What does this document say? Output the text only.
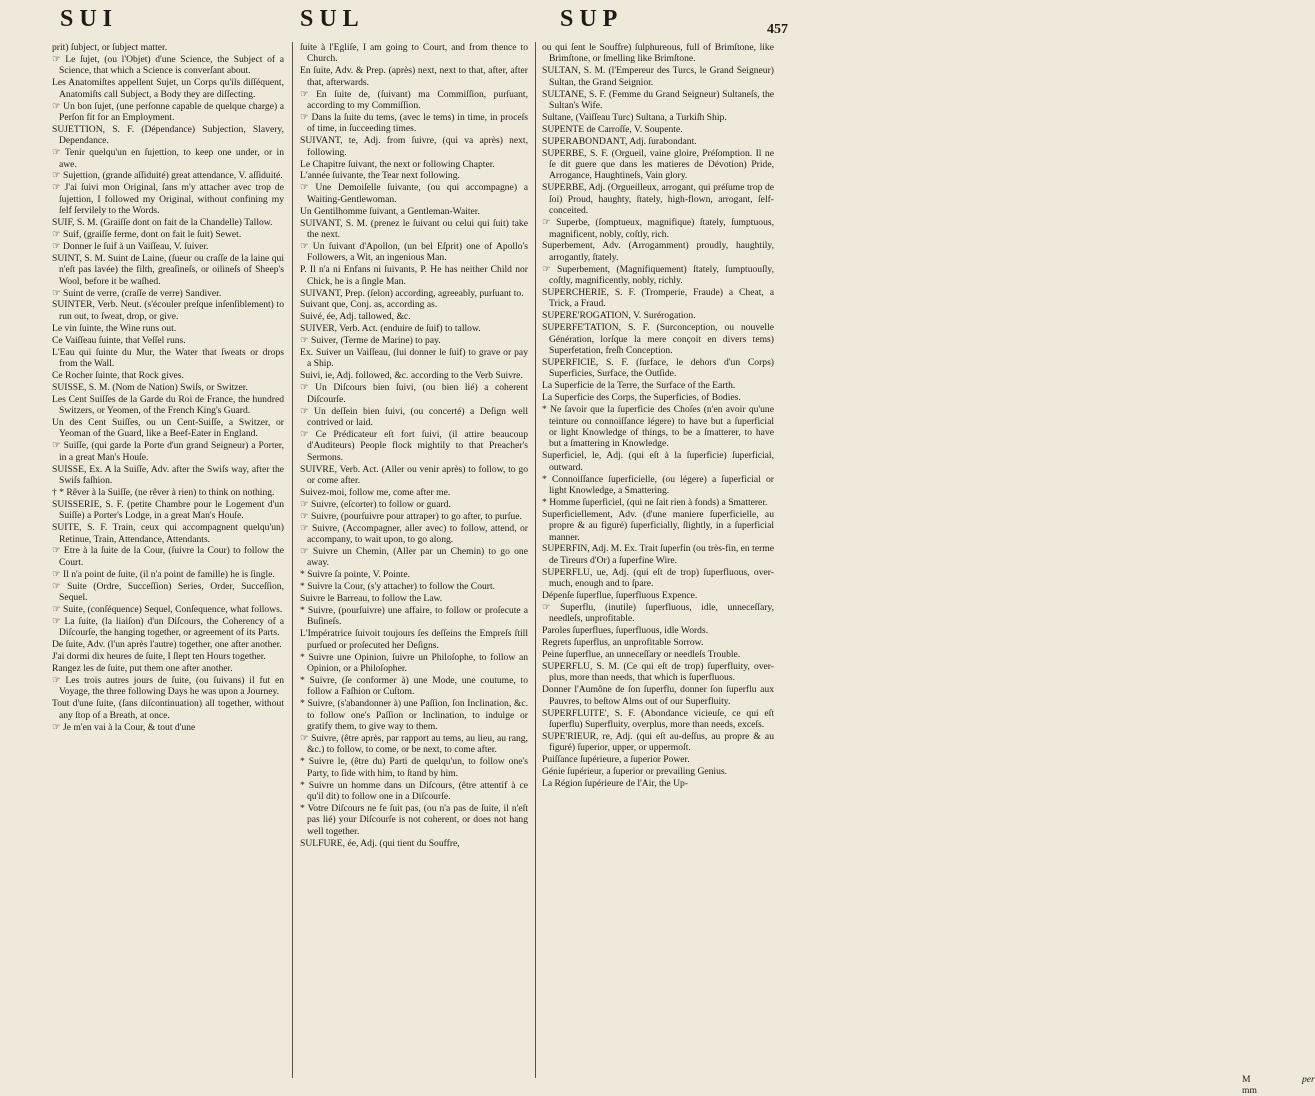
SUI	SUL	SUP	457

prit) ſubject, or ſubject matter.

☞ Le ſujet, (ou l'Objet) d'une Science, the Subject of a Science, that which a Science is converſant about.

Les Anatomiſtes appellent Sujet, un Corps qu'ils diſſéquent, Anatomiſts call Subject, a Body they are diſſecting.

☞ Un bon ſujet, (une perſonne capable de quelque charge) a Perſon fit for an Employment.

SUJETTION, S. F. (Dépendance) Subjection, Slavery, Dependance.

☞ Tenir quelqu'un en ſujettion, to keep one under, or in awe.

☞ Sujettion, (grande aſſiduité) great attendance, V. aſſiduité.

☞ J'ai ſuivi mon Original, ſans m'y attacher avec trop de ſujettion, I followed my Original, without confining my ſelf ſervilely to the Words.

SUIF, S. M. (Graiſſe dont on fait de la Chandelle) Tallow.

☞ Suif, (graiſſe ferme, dont on fait le ſuit) Sewet.

☞ Donner le ſuif à un Vaiſſeau, V. ſuiver.

SUINT, S. M. Suint de Laine, (ſueur ou craſſe de la laine qui n'eſt pas lavée) the filth, greaſineſs, or oilineſs of Sheep's Wool, before it be waſhed.

☞ Suint de verre, (craſſe de verre) Sandiver.

SUINTER, Verb. Neut. (s'écouler preſque inſenſiblement) to run out, to ſweat, drop, or give.

Le vin ſuinte, the Wine runs out.

Ce Vaiſſeau ſuinte, that Veſſel runs.

L'Eau qui ſuinte du Mur, the Water that ſweats or drops from the Wall.

Ce Rocher ſuinte, that Rock gives.

SUISSE, S. M. (Nom de Nation) Swiſs, or Switzer.

Les Cent Suiſſes de la Garde du Roi de France, the hundred Switzers, or Yeomen, of the French King's Guard.

Un des Cent Suiſſes, ou un Cent-Suiſſe, a Switzer, or Yeoman of the Guard, like a Beef-Eater in England.

☞ Suiſſe, (qui garde la Porte d'un grand Seigneur) a Porter, in a great Man's Houſe.

SUISSE, Ex. A la Suiſſe, Adv. after the Swiſs way, after the Swiſs faſhion.

† * Rêver à la Suiſſe, (ne rêver à rien) to think on nothing.

SUISSERIE, S. F. (petite Chambre pour le Logement d'un Suiſſe) a Porter's Lodge, in a great Man's Houſe.

SUITE, S. F. Train, ceux qui accompagnent quelqu'un) Retinue, Train, Attendance, Attendants.

☞ Etre à la ſuite de la Cour, (ſuivre la Cour) to follow the Court.

☞ Il n'a point de ſuite, (il n'a point de famille) he is ſingle.

☞ Suite (Ordre, Succeſſion) Series, Order, Succeſſion, Sequel.

☞ Suite, (conſéquence) Sequel, Conſequence, what follows.

☞ La ſuite, (la liaiſon) d'un Diſcours, the Coherency of a Diſcourſe, the hanging together, or agreement of its Parts.

De ſuite, Adv. (l'un après l'autre) together, one after another.

J'ai dormi dix heures de ſuite, I ſlept ten Hours together.

Rangez les de ſuite, put them one after another.

☞ Les trois autres jours de ſuite, (ou ſuivans) il fut en Voyage, the three following Days he was upon a Journey.

Tout d'une ſuite, (ſans diſcontinuation) all together, without any ſtop of a Breath, at once.

☞ Je m'en vai à la Cour, & tout d'une

ſuite à l'Egliſe, I am going to Court, and from thence to Church.

En ſuite, Adv. & Prep. (après) next, next to that, after, after that, afterwards.

☞ En ſuite de, (ſuivant) ma Commiſſion, purſuant, according to my Commiſſion.

☞ Dans la ſuite du tems, (avec le tems) in time, in proceſs of time, in ſucceeding times.

SUIVANT, te, Adj. from ſuivre, (qui va après) next, following.

Le Chapitre ſuivant, the next or following Chapter.

L'année ſuivante, the Tear next following.

☞ Une Demoiſelle ſuivante, (ou qui accompagne) a Waiting-Gentlewoman.

Un Gentilhomme ſuivant, a Gentleman-Waiter.

SUIVANT, S. M. (prenez le ſuivant ou celui qui ſuit) take the next.

☞ Un ſuivant d'Apollon, (un bel Eſprit) one of Apollo's Followers, a Wit, an ingenious Man.

P. Il n'a ni Enfans ni ſuivants, P. He has neither Child nor Chick, he is a ſingle Man.

SUIVANT, Prep. (ſelon) according, agreeably, purſuant to.

Suivant que, Conj. as, according as.

Suivé, ée, Adj. tallowed, &c.

SUIVER, Verb. Act. (enduire de ſuif) to tallow.

☞ Suiver, (Terme de Marine) to pay.

Ex. Suiver un Vaiſſeau, (lui donner le ſuif) to grave or pay a Ship.

Suivi, ie, Adj. followed, &c. according to the Verb Suivre.

☞ Un Diſcours bien ſuivi, (ou bien lié) a coherent Diſcourſe.

☞ Un deſſein bien ſuivi, (ou concerté) a Deſign well contrived or laid.

☞ Ce Prédicateur eſt fort ſuivi, (il attire beaucoup d'Auditeurs) People flock mightily to that Preacher's Sermons.

SUIVRE, Verb. Act. (Aller ou venir après) to follow, to go or come after.

Suivez-moi, follow me, come after me.

☞ Suivre, (eſcorter) to follow or guard.

☞ Suivre, (pourſuivre pour attraper) to go after, to purſue.

☞ Suivre, (Accompagner, aller avec) to follow, attend, or accompany, to wait upon, to go along.

☞ Suivre un Chemin, (Aller par un Chemin) to go one away.

* Suivre ſa pointe, V. Pointe.

* Suivre la Cour, (s'y attacher) to follow the Court.

Suivre le Barreau, to follow the Law.

* Suivre, (pourſuivre) une affaire, to follow or proſecute a Buſineſs.

L'Impératrice ſuivoit toujours ſes deſſeins the Empreſs ſtill purſued or proſecuted her Deſigns.

* Suivre une Opinion, ſuivre un Philoſophe, to follow an Opinion, or a Philoſopher.

* Suivre, (ſe conformer à) une Mode, une coutume, to follow a Faſhion or Cuſtom.

* Suivre, (s'abandonner à) une Paſſion, ſon Inclination, &c. to follow one's Paſſion or Inclination, to indulge or gratify them, to give way to them.

☞ Suivre, (être après, par rapport au tems, au lieu, au rang, &c.) to follow, to come, or be next, to come after.

* Suivre le, (être du) Parti de quelqu'un, to follow one's Party, to ſide with him, to ſtand by him.

* Suivre un homme dans un Diſcours, (être attentif à ce qu'il dit) to follow one in a Diſcourſe.

* Votre Diſcours ne fe ſuit pas, (ou n'a pas de ſuite, il n'eſt pas lié) your Diſcourſe is not coherent, or does not hang well together.

SULFURE, ée, Adj. (qui tient du Souffre,

ou qui ſent le Souffre) ſulphureous, full of Brimſtone, like Brimſtone, or ſmelling like Brimſtone.

SULTAN, S. M. (l'Empereur des Turcs, le Grand Seigneur) Sultan, the Grand Seignior.

SULTANE, S. F. (Femme du Grand Seigneur) Sultaneſs, the Sultan's Wife.

Sultane, (Vaiſſeau Turc) Sultana, a Turkiſh Ship.

SUPENTE de Carroſſe, V. Soupente.

SUPERABONDANT, Adj. ſurabondant.

SUPERBE, S. F. (Orgueil, vaine gloire, Préſomption. Il ne ſe dit guere que dans les matieres de Dévotion) Pride, Arrogance, Haughtineſs, Vain glory.

SUPERBE, Adj. (Orgueilleux, arrogant, qui préſume trop de ſoi) Proud, haughty, ſtately, high-flown, arrogant, ſelf-conceited.

☞ Superbe, (ſomptueux, magnifique) ſtately, ſumptuous, magnificent, nobly, coſtly, rich.

Superbement, Adv. (Arrogamment) proudly, haughtily, arrogantly, ſtately.

☞ Superbement, (Magnifiquement) ſtately, ſumptuouſly, coſtly, magnificently, nobly, richly.

SUPERCHERIE, S. F. (Tromperie, Fraude) a Cheat, a Trick, a Fraud.

SUPERE'ROGATION, V. Surérogation.

SUPERFE'TATION, S. F. (Surconception, ou nouvelle Génération, lorſque la mere conçoit en divers tems) Superfetation, freſh Conception.

SUPERFICIE, S. F. (ſurface, le dehors d'un Corps) Superficies, Surface, the Outſide.

La Superficie de la Terre, the Surface of the Earth.

La Superficie des Corps, the Superficies, of Bodies.

* Ne ſavoir que la ſuperficie des Choſes (n'en avoir qu'une teinture ou connoiſſance légere) to have but a ſuperficial or light Knowledge of things, to be a ſmatterer, to have but a ſmattering in Knowledge.

Superficiel, le, Adj. (qui eſt à la ſuperficie) ſuperficial, outward.

* Connoiſſance ſuperficielle, (ou légere) a ſuperficial or light Knowledge, a Smattering.

* Homme ſuperficiel, (qui ne ſait rien à fonds) a Smatterer.

Superficiellement, Adv. (d'une maniere ſuperficielle, au propre & au figuré) ſuperficially, ſlightly, in a ſuperficial manner.

SUPERFIN, Adj. M. Ex. Trait ſuperfin (ou très-fin, en terme de Tireurs d'Or) a ſuperfine Wire.

SUPERFLU, ue, Adj. (qui eſt de trop) ſuperfluous, over-much, enough and to ſpare.

Dépenſe ſuperflue, ſuperfluous Expence.

☞ Superflu, (inutile) ſuperfluous, idle, unneceſſary, needleſs, unprofitable.

Paroles ſuperflues, ſuperfluous, idle Words.

Regrets ſuperflus, an unprofitable Sorrow.

Peine ſuperflue, an unneceſſary or needleſs Trouble.

SUPERFLU, S. M. (Ce qui eſt de trop) ſuperfluity, over-plus, more than needs, that which is ſuperfluous.

Donner l'Aumône de ſon ſuperflu, donner ſon ſuperflu aux Pauvres, to beſtow Alms out of our Superfluity.

SUPERFLUITE', S. F. (Abondance vicieuſe, ce qui eſt ſuperflu) Superfluity, overplus, more than needs, exceſs.

SUPE'RIEUR, re, Adj. (qui eſt au-deſſus, au propre & au figuré) ſuperior, upper, or uppermoſt.

Puiſſance ſupérieure, a ſuperior Power.

Génie ſupérieur, a ſuperior or prevailing Genius.

La Région ſupérieure de l'Air, the Up-

M mm
per
